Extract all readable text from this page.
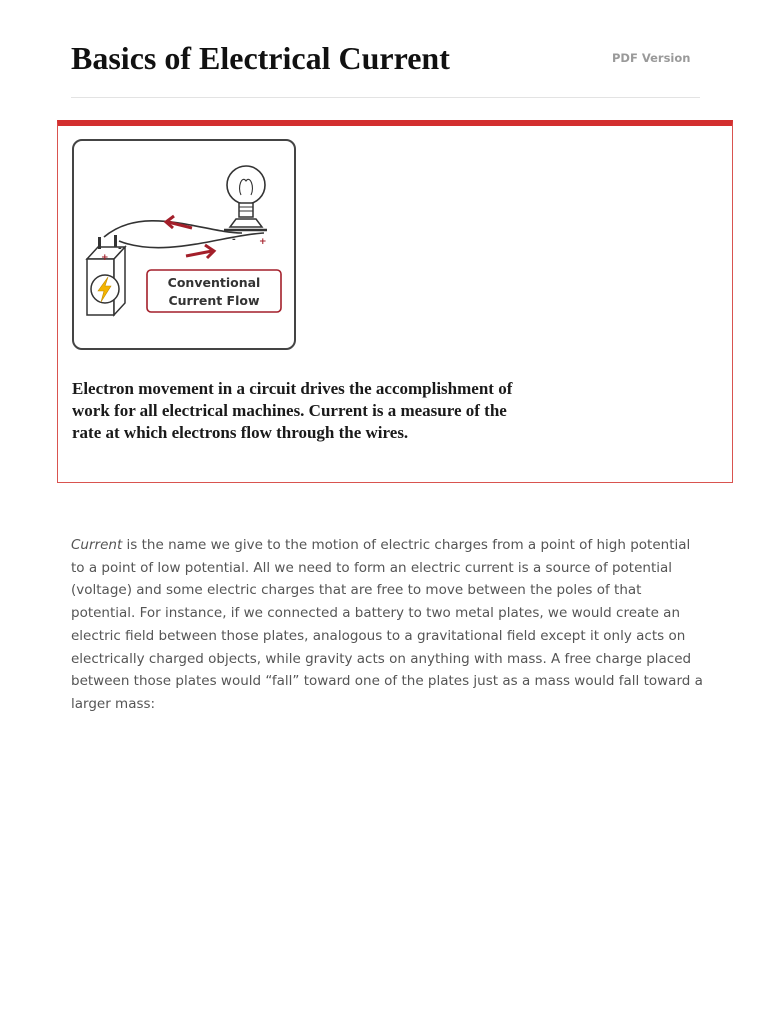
Basics of Electrical Current	PDF Version
+
-
-	+
Conventional
Current Flow

Electron movement in a circuit drives the accomplishment of work for all electrical machines. Current is a measure of the rate at which electrons flow through the wires.

Current is the name we give to the motion of electric charges from a point of high potential to a point of low potential. All we need to form an electric current is a source of potential (voltage) and some electric charges that are free to move between the poles of that potential. For instance, if we connected a battery to two metal plates, we would create an electric field between those plates, analogous to a gravitational field except it only acts on electrically charged objects, while gravity acts on anything with mass. A free charge placed between those plates would “fall” toward one of the plates just as a mass would fall toward a larger mass:
